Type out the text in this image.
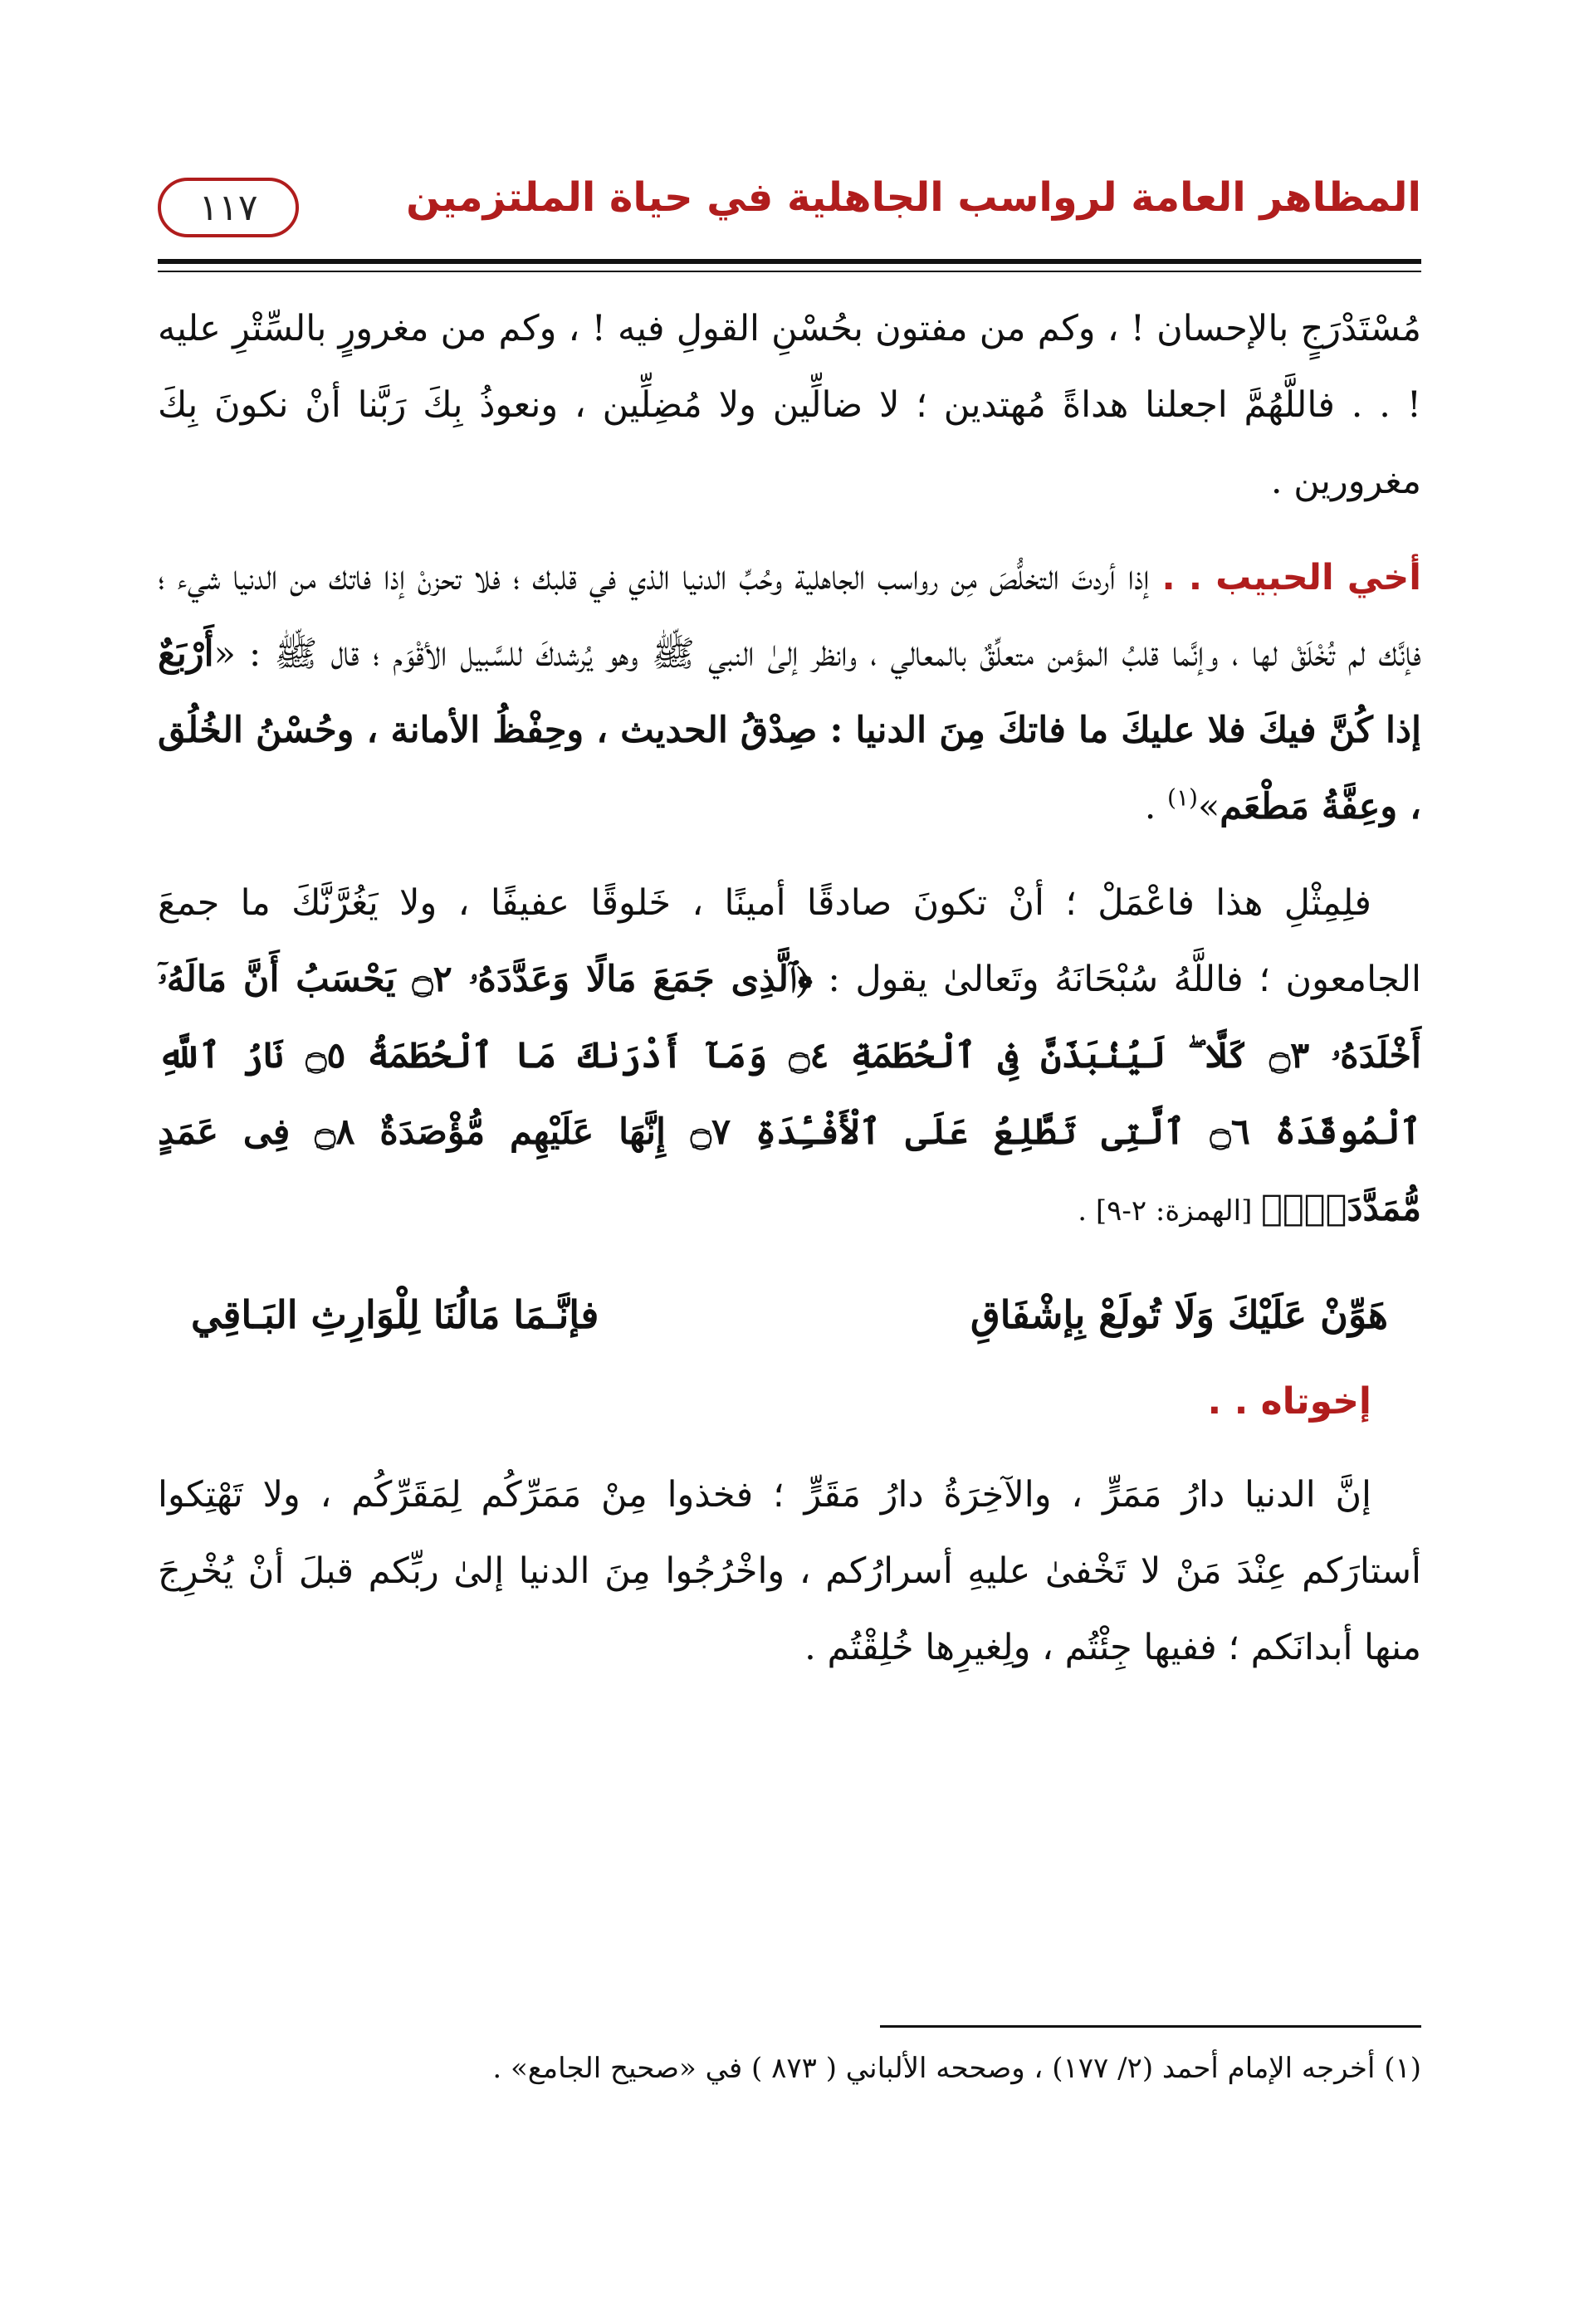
١١٧	المظاهر العامة لرواسب الجاهلية في حياة الملتزمين

مُسْتَدْرَجٍ بالإحسان ! ، وكم من مفتون بحُسْنِ القولِ فيه ! ، وكم من مغرورٍ بالسِّتْرِ عليه ! . . فاللَّهُمَّ اجعلنا هداةً مُهتدين ؛ لا ضالِّين ولا مُضِلِّين ، ونعوذُ بِكَ رَبَّنا أنْ نكونَ بِكَ مغرورين .

أخي الحبيب . . إذا أردتَ التخلُّصَ مِن رواسب الجاهلية وحُبِّ الدنيا الذي في قلبك ؛ فلا تحزنْ إذا فاتك من الدنيا شيء ؛ فإنَّك لم تُخْلَقْ لها ، وإنَّما قلبُ المؤمن متعلِّقٌ بالمعالي ، وانظر إلىٰ النبي ﷺ وهو يُرشدكَ للسَّبيل الأقْوَم ؛ قال ﷺ : «أَرْبَعٌ إذا كُنَّ فيكَ فلا عليكَ ما فاتكَ مِنَ الدنيا : صِدْقُ الحديث ، وحِفْظُ الأمانة ، وحُسْنُ الخُلُق ، وعِفَّةُ مَطْعَم»$^{(١)}$ .

فلِمِثْلِ هذا فاعْمَلْ ؛ أنْ تكونَ صادقًا أمينًا ، خَلوقًا عفيفًا ، ولا يَغُرَّنَّكَ ما جمعَ الجامعون ؛ فاللَّهُ سُبْحَانَهُ وتَعالىٰ يقول : ﴿ٱلَّذِى جَمَعَ مَالًا وَعَدَّدَهُۥ ۝٢ يَحْسَبُ أَنَّ مَالَهُۥٓ أَخْلَدَهُۥ ۝٣ كَلَّا ۖ لَيُنۢبَذَنَّ فِى ٱلْحُطَمَةِ ۝٤ وَمَآ أَدْرَىٰكَ مَا ٱلْحُطَمَةُ ۝٥ نَارُ ٱللَّهِ ٱلْمُوقَدَةُ ۝٦ ٱلَّتِى تَطَّلِعُ عَلَى ٱلْأَفْـِٔدَةِ ۝٧ إِنَّهَا عَلَيْهِم مُّؤْصَدَةٌ ۝٨ فِى عَمَدٍ مُّمَدَّدَةٍۭ﴾ [الهمزة: ٢-٩] .

هَوِّنْ عَلَيْكَ وَلَا تُولَعْ بِإشْفَاقِ
فإنَّـمَا مَالُنَا لِلْوَارِثِ البَـاقِي
إخوتاه . .

إنَّ الدنيا دارُ مَمَرٍّ ، والآخِرَةُ دارُ مَقَرٍّ ؛ فخذوا مِنْ مَمَرِّكُم لِمَقَرِّكُم ، ولا تَهْتِكوا أستارَكم عِنْدَ مَنْ لا تَخْفىٰ عليهِ أسرارُكم ، واخْرُجُوا مِنَ الدنيا إلىٰ ربِّكم قبلَ أنْ يُخْرِجَ منها أبدانَكم ؛ ففيها جِئْتُم ، ولِغيرِها خُلِقْتُم .

(١) أخرجه الإمام أحمد (٢/ ١٧٧) ، وصححه الألباني ( ٨٧٣ ) في «صحيح الجامع» .
